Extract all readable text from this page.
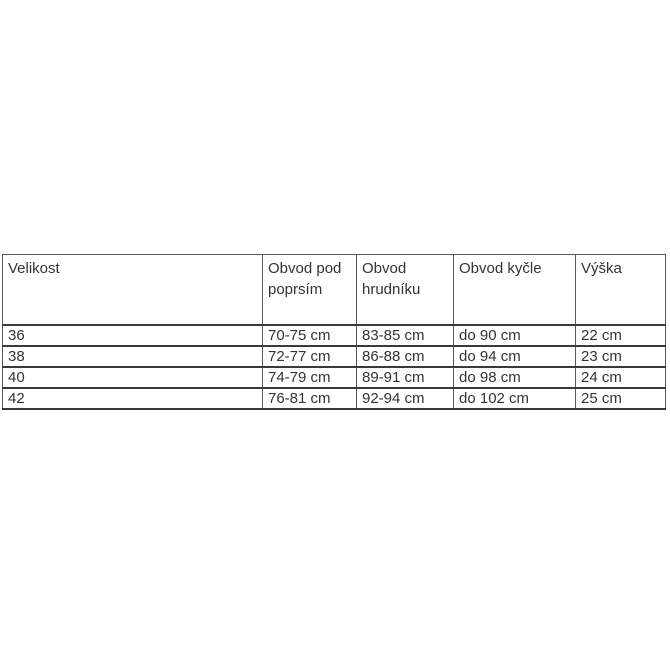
Velikost	Obvod pod poprsím	Obvod hrudníku	Obvod kyčle	Výška
36	70-75 cm	83-85 cm	do 90 cm	22 cm
38	72-77 cm	86-88 cm	do 94 cm	23 cm
40	74-79 cm	89-91 cm	do 98 cm	24 cm
42	76-81 cm	92-94 cm	do 102 cm	25 cm
